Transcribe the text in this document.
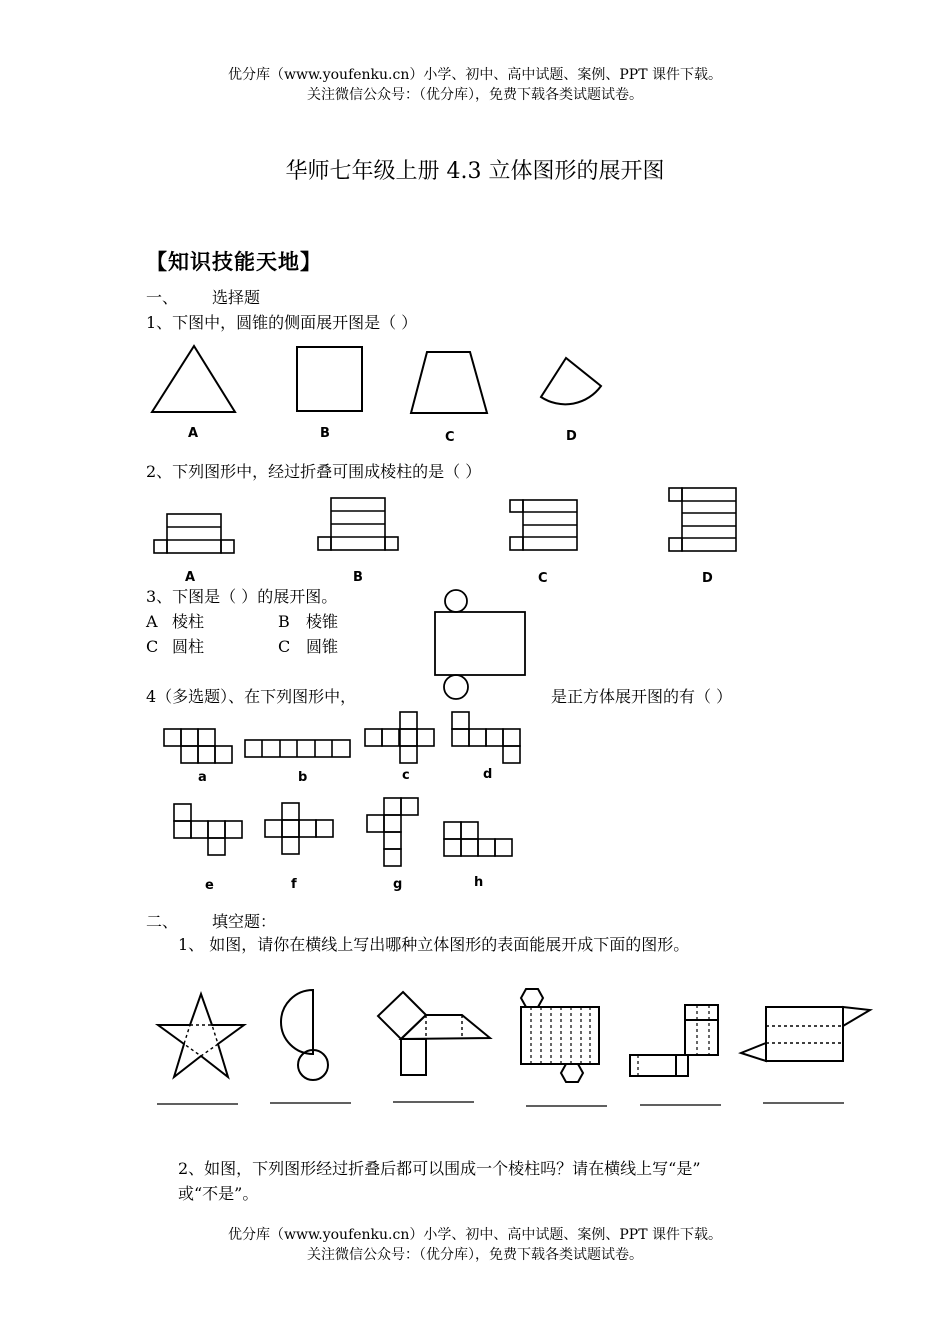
优分库（www.youfenku.cn）小学、初中、高中试题、案例、PPT 课件下载。
关注微信公众号：（优分库），免费下载各类试题试卷。
华师七年级上册 4.3 立体图形的展开图
【知识技能天地】
一、 选择题
1、下图中，圆锥的侧面展开图是（ ）
2、下列图形中，经过折叠可围成棱柱的是（ ）
3、下图是（ ）的展开图。
A 棱柱	B 棱锥
C 圆柱	C 圆锥
4（多选题）、在下列图形中，	是正方体展开图的有（ ）
二、 填空题：
1、 如图，请你在横线上写出哪种立体图形的表面能展开成下面的图形。
2、如图，下列图形经过折叠后都可以围成一个棱柱吗？请在横线上写“是”
或“不是”。
优分库（www.youfenku.cn）小学、初中、高中试题、案例、PPT 课件下载。
关注微信公众号：（优分库），免费下载各类试题试卷。
A	B	C	D
A	B	C	D
a	b	c	d
e	f	g	h
